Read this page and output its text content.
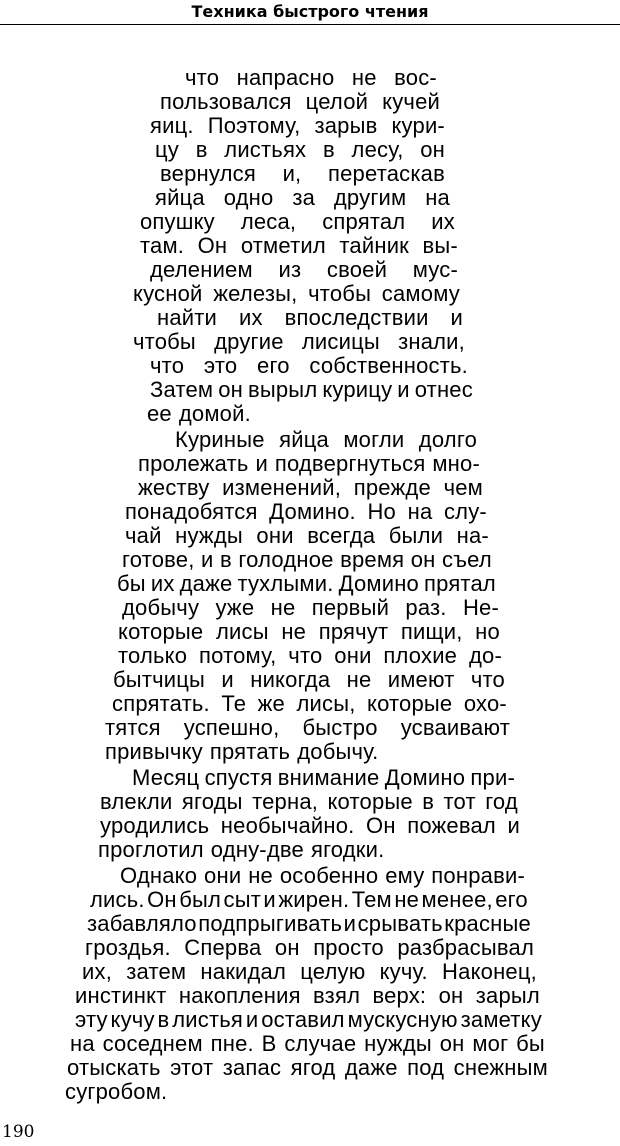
Техника быстрого чтения
что напрасно не вос-
пользовался целой кучей
яиц. Поэтому, зарыв кури-
цу в листьях в лесу, он
вернулся и, перетаскав
яйца одно за другим на
опушку леса, спрятал их
там. Он отметил тайник вы-
делением из своей мус-
кусной железы, чтобы самому
найти их впоследствии и
чтобы другие лисицы знали,
что это его собственность.
Затем он вырыл курицу и отнес
ее домой.
Куриные яйца могли долго
пролежать и подвергнуться мно-
жеству изменений, прежде чем
понадобятся Домино. Но на слу-
чай нужды они всегда были на-
готове, и в голодное время он съел
бы их даже тухлыми. Домино прятал
добычу уже не первый раз. Не-
которые лисы не прячут пищи, но
только потому, что они плохие до-
бытчицы и никогда не имеют что
спрятать. Те же лисы, которые охо-
тятся успешно, быстро усваивают
привычку прятать добычу.
Месяц спустя внимание Домино при-
влекли ягоды терна, которые в тот год
уродились необычайно. Он пожевал и
проглотил одну-две ягодки.
Однако они не особенно ему понрави-
лись. Он был сыт и жирен. Тем не менее, его
забавляло подпрыгивать и срывать красные
гроздья. Сперва он просто разбрасывал
их, затем накидал целую кучу. Наконец,
инстинкт накопления взял верх: он зарыл
эту кучу в листья и оставил мускусную заметку
на соседнем пне. В случае нужды он мог бы
отыскать этот запас ягод даже под снежным
сугробом.
190
